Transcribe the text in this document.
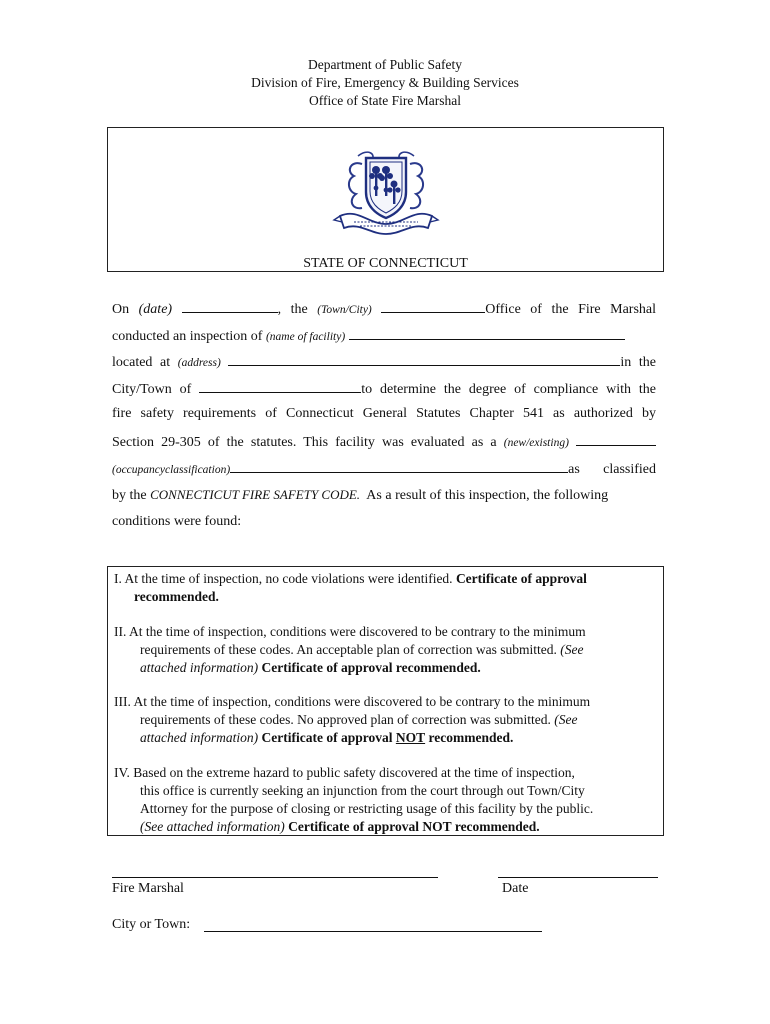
Department of Public Safety
Division of Fire, Emergency & Building Services
Office of State Fire Marshal
STATE OF CONNECTICUT
On (date)	, the (Town/City)	Office of the Fire Marshal
conducted an inspection of (name of facility)
located at (address)	in the
City/Town of	to determine the degree of compliance with the
fire safety requirements of Connecticut General Statutes Chapter 541 as authorized by
Section 29-305 of the statutes. This facility was evaluated as a (new/existing)
(occupancyclassification)	as classified
by the CONNECTICUT FIRE SAFETY CODE. As a result of this inspection, the following
conditions were found:
I. At the time of inspection, no code violations were identified. Certificate of approval
recommended.
II. At the time of inspection, conditions were discovered to be contrary to the minimum
requirements of these codes. An acceptable plan of correction was submitted. (See
attached information) Certificate of approval recommended.
III. At the time of inspection, conditions were discovered to be contrary to the minimum
requirements of these codes. No approved plan of correction was submitted. (See
attached information) Certificate of approval NOT recommended.
IV. Based on the extreme hazard to public safety discovered at the time of inspection,
this office is currently seeking an injunction from the court through out Town/City
Attorney for the purpose of closing or restricting usage of this facility by the public.
(See attached information) Certificate of approval NOT recommended.
Fire Marshal	Date
City or Town:
